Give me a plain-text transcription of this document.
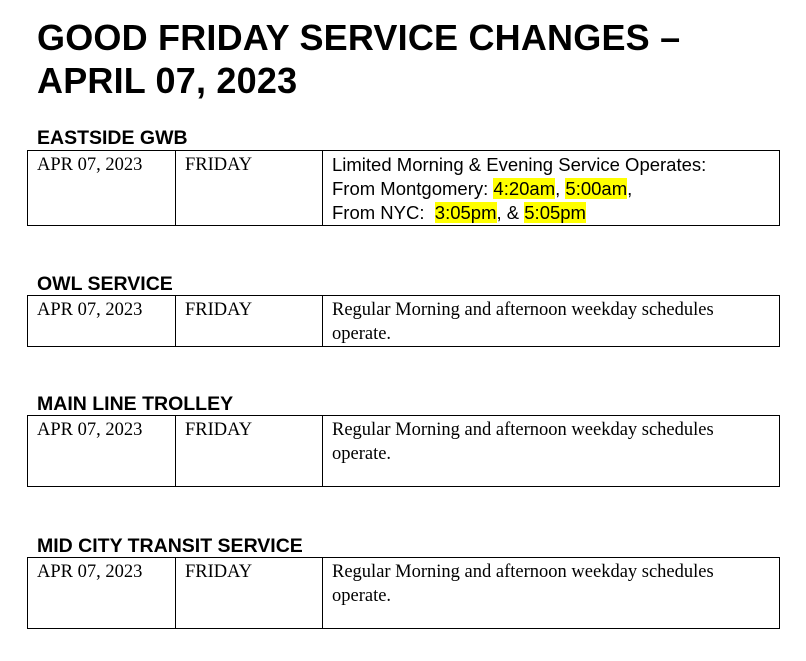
GOOD FRIDAY SERVICE CHANGES –
APRIL 07, 2023
EASTSIDE GWB
APR 07, 2023	FRIDAY	Limited Morning & Evening Service Operates:
From Montgomery: 4:20am, 5:00am,
From NYC:  3:05pm, & 5:05pm
OWL SERVICE
APR 07, 2023	FRIDAY	Regular Morning and afternoon weekday schedules operate.
MAIN LINE TROLLEY
APR 07, 2023	FRIDAY	Regular Morning and afternoon weekday schedules operate.
MID CITY TRANSIT SERVICE
APR 07, 2023	FRIDAY	Regular Morning and afternoon weekday schedules operate.
